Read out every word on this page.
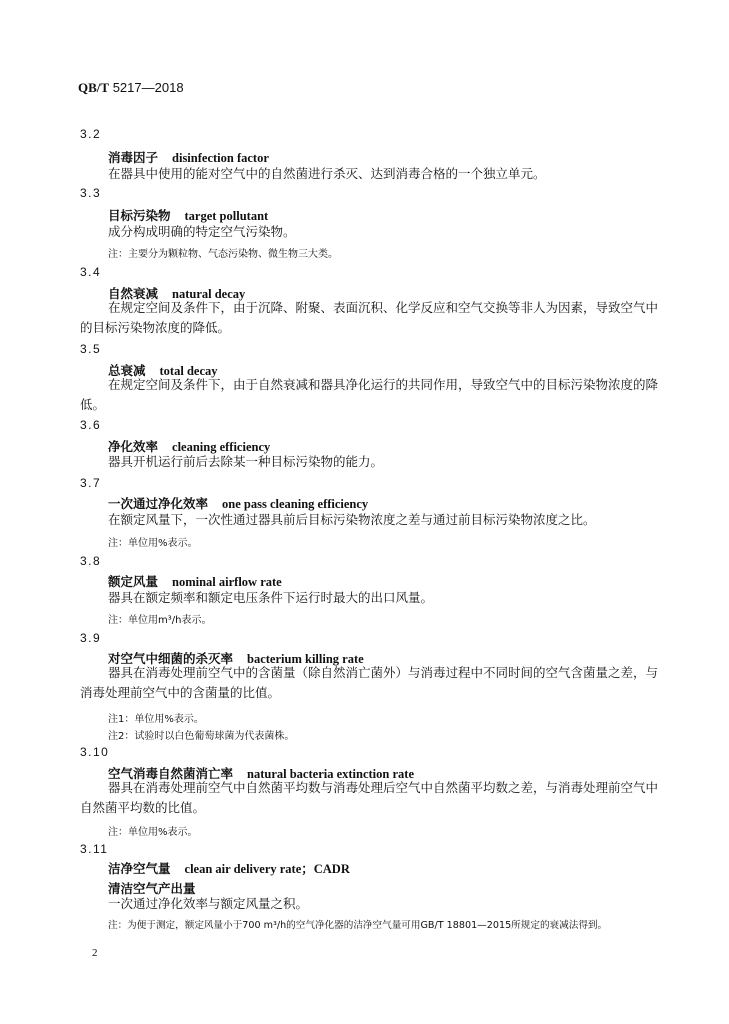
QB/T 5217—2018
3.2
消毒因子 disinfection factor
在器具中使用的能对空气中的自然菌进行杀灭、达到消毒合格的一个独立单元。
3.3
目标污染物 target pollutant
成分构成明确的特定空气污染物。
注：主要分为颗粒物、气态污染物、微生物三大类。
3.4
自然衰减 natural decay
在规定空间及条件下，由于沉降、附聚、表面沉积、化学反应和空气交换等非人为因素，导致空气中的目标污染物浓度的降低。
3.5
总衰减 total decay
在规定空间及条件下，由于自然衰减和器具净化运行的共同作用，导致空气中的目标污染物浓度的降低。
3.6
净化效率 cleaning efficiency
器具开机运行前后去除某一种目标污染物的能力。
3.7
一次通过净化效率 one pass cleaning efficiency
在额定风量下，一次性通过器具前后目标污染物浓度之差与通过前目标污染物浓度之比。
注：单位用%表示。
3.8
额定风量 nominal airflow rate
器具在额定频率和额定电压条件下运行时最大的出口风量。
注：单位用m³/h表示。
3.9
对空气中细菌的杀灭率 bacterium killing rate
器具在消毒处理前空气中的含菌量（除自然消亡菌外）与消毒过程中不同时间的空气含菌量之差，与消毒处理前空气中的含菌量的比值。
注1：单位用%表示。
注2：试验时以白色葡萄球菌为代表菌株。
3.10
空气消毒自然菌消亡率 natural bacteria extinction rate
器具在消毒处理前空气中自然菌平均数与消毒处理后空气中自然菌平均数之差，与消毒处理前空气中自然菌平均数的比值。
注：单位用%表示。
3.11
洁净空气量 clean air delivery rate；CADR
清洁空气产出量
一次通过净化效率与额定风量之积。
注：为便于测定，额定风量小于700 m³/h的空气净化器的洁净空气量可用GB/T 18801—2015所规定的衰减法得到。
2
